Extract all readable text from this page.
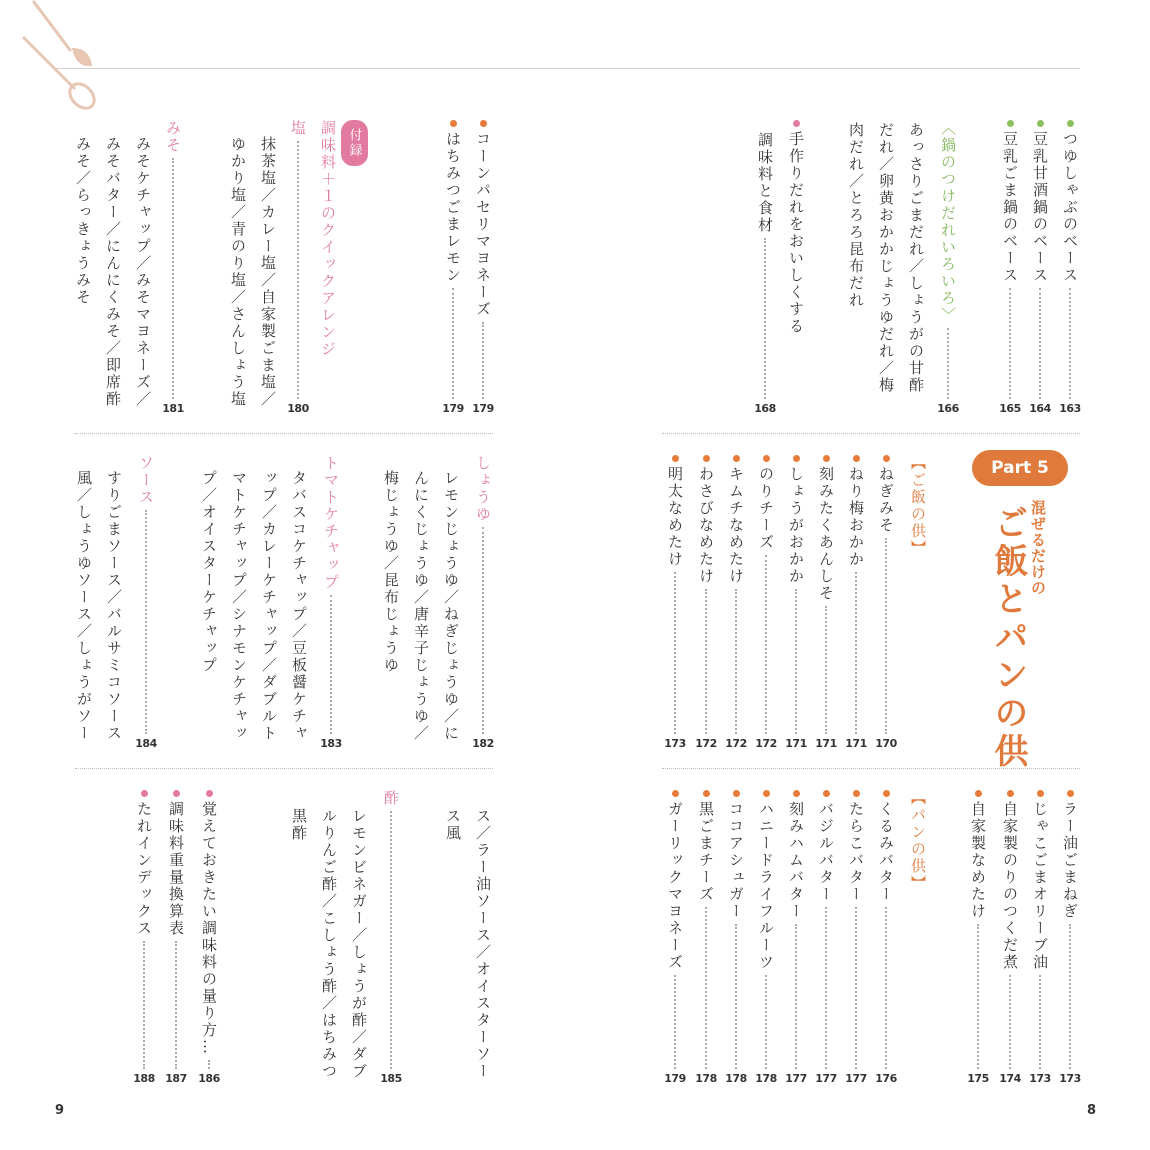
つゆしゃぶのベース
163
豆乳甘酒鍋のベース
164
豆乳ごま鍋のベース
165
〈鍋のつけだれいろいろ〉
166
あっさりごまだれ／しょうがの甘酢
だれ／卵黄おかかじょうゆだれ／梅
肉だれ／とろろ昆布だれ
手作りだれをおいしくする
調味料と食材
168
Part 5
混ぜるだけの
ご飯とパンの供
【ご飯の供】
ねぎみそ
170
ねり梅おかか
171
刻みたくあんしそ
171
しょうがおかか
171
のりチーズ
172
キムチなめたけ
172
わさびなめたけ
172
明太なめたけ
173
ラー油ごまねぎ
173
じゃこごまオリーブ油
173
自家製のりのつくだ煮
174
自家製なめたけ
175
【パンの供】
くるみバター
176
たらこバター
177
バジルバター
177
刻みハムバター
177
ハニードライフルーツ
178
ココアシュガー
178
黒ごまチーズ
178
ガーリックマヨネーズ
179
コーンパセリマヨネーズ
179
はちみつごまレモン
179
付録
調味料＋１のクイックアレンジ
塩
180
抹茶塩／カレー塩／自家製ごま塩／
ゆかり塩／青のり塩／さんしょう塩
みそ
181
みそケチャップ／みそマヨネーズ／
みそバター／にんにくみそ／即席酢
みそ／らっきょうみそ
しょうゆ
182
レモンじょうゆ／ねぎじょうゆ／に
んにくじょうゆ／唐辛子じょうゆ／
梅じょうゆ／昆布じょうゆ
トマトケチャップ
183
タバスコケチャップ／豆板醤ケチャ
ップ／カレーケチャップ／ダブルト
マトケチャップ／シナモンケチャッ
プ／オイスターケチャップ
ソース
184
すりごまソース／バルサミコソース
風／しょうゆソース／しょうがソー
ス／ラー油ソース／オイスターソー
ス風
酢
185
レモンビネガー／しょうが酢／ダブ
ルりんご酢／こしょう酢／はちみつ
黒酢
覚えておきたい調味料の量り方…
186
調味料重量換算表
187
たれインデックス
188
9	8
